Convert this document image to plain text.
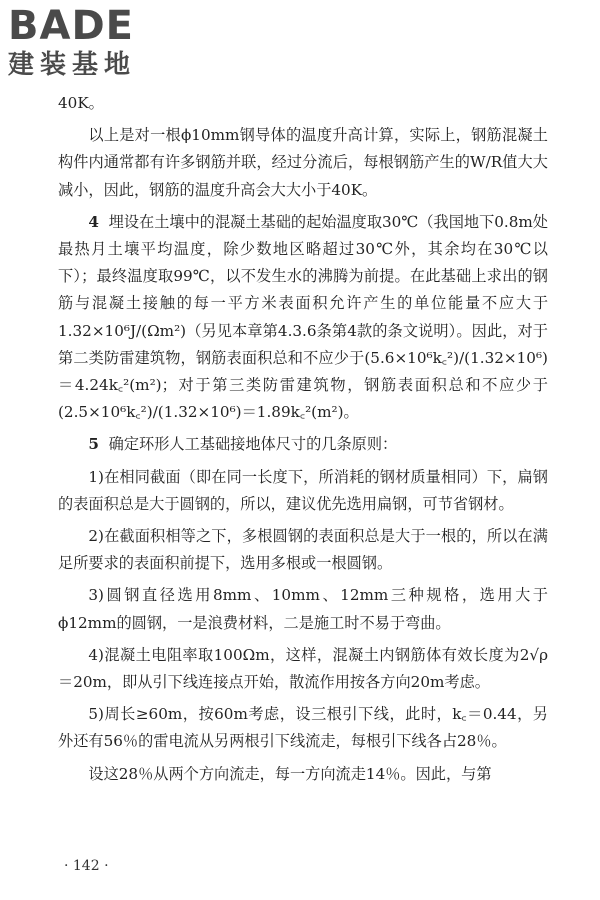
BADE
建装基地

40K。

以上是对一根ϕ10mm钢导体的温度升高计算，实际上，钢筋混凝土构件内通常都有许多钢筋并联，经过分流后，每根钢筋产生的W/R值大大减小，因此，钢筋的温度升高会大大小于40K。

4 埋设在土壤中的混凝土基础的起始温度取30℃（我国地下0.8m处最热月土壤平均温度，除少数地区略超过30℃外，其余均在30℃以下）；最终温度取99℃，以不发生水的沸腾为前提。在此基础上求出的钢筋与混凝土接触的每一平方米表面积允许产生的单位能量不应大于1.32×10⁶J/(Ωm²)（另见本章第4.3.6条第4款的条文说明）。因此，对于第二类防雷建筑物，钢筋表面积总和不应少于(5.6×10⁶k꜀²)/(1.32×10⁶)＝4.24k꜀²(m²)；对于第三类防雷建筑物，钢筋表面积总和不应少于(2.5×10⁶k꜀²)/(1.32×10⁶)＝1.89k꜀²(m²)。

5 确定环形人工基础接地体尺寸的几条原则：

1)在相同截面（即在同一长度下，所消耗的钢材质量相同）下，扁钢的表面积总是大于圆钢的，所以，建议优先选用扁钢，可节省钢材。

2)在截面积相等之下，多根圆钢的表面积总是大于一根的，所以在满足所要求的表面积前提下，选用多根或一根圆钢。

3)圆钢直径选用8mm、10mm、12mm三种规格，选用大于ϕ12mm的圆钢，一是浪费材料，二是施工时不易于弯曲。

4)混凝土电阻率取100Ωm，这样，混凝土内钢筋体有效长度为2√ρ＝20m，即从引下线连接点开始，散流作用按各方向20m考虑。

5)周长≥60m，按60m考虑，设三根引下线，此时，k꜀＝0.44，另外还有56％的雷电流从另两根引下线流走，每根引下线各占28％。

设这28％从两个方向流走，每一方向流走14％。因此，与第

· 142 ·
